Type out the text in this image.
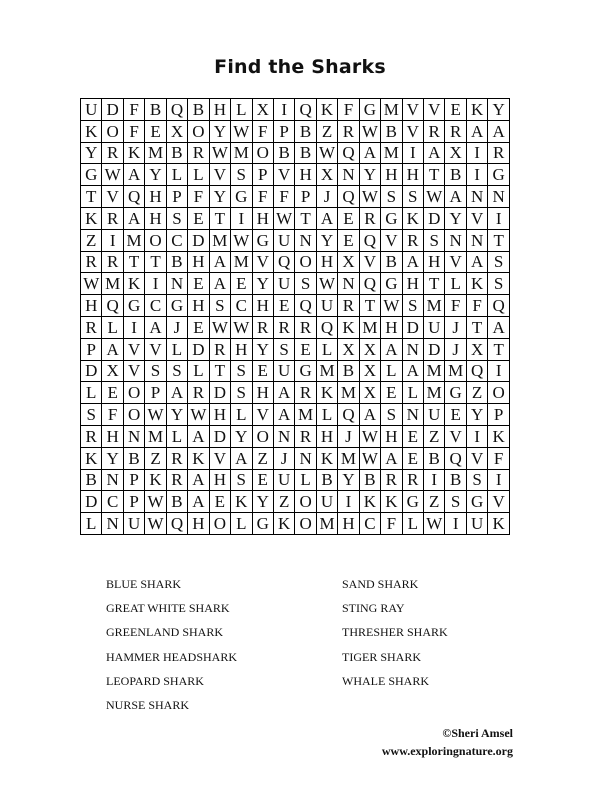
Find the Sharks
U	D	F	B	Q	B	H	L	X	I	Q	K	F	G	M	V	V	E	K	Y
K	O	F	E	X	O	Y	W	F	P	B	Z	R	W	B	V	R	R	A	A
Y	R	K	M	B	R	W	M	O	B	B	W	Q	A	M	I	A	X	I	R
G	W	A	Y	L	L	V	S	P	V	H	X	N	Y	H	H	T	B	I	G
T	V	Q	H	P	F	Y	G	F	F	P	J	Q	W	S	S	W	A	N	N
K	R	A	H	S	E	T	I	H	W	T	A	E	R	G	K	D	Y	V	I
Z	I	M	O	C	D	M	W	G	U	N	Y	E	Q	V	R	S	N	N	T
R	R	T	T	B	H	A	M	V	Q	O	H	X	V	B	A	H	V	A	S
W	M	K	I	N	E	A	E	Y	U	S	W	N	Q	G	H	T	L	K	S
H	Q	G	C	G	H	S	C	H	E	Q	U	R	T	W	S	M	F	F	Q
R	L	I	A	J	E	W	W	R	R	R	Q	K	M	H	D	U	J	T	A
P	A	V	V	L	D	R	H	Y	S	E	L	X	X	A	N	D	J	X	T
D	X	V	S	S	L	T	S	E	U	G	M	B	X	L	A	M	M	Q	I
L	E	O	P	A	R	D	S	H	A	R	K	M	X	E	L	M	G	Z	O
S	F	O	W	Y	W	H	L	V	A	M	L	Q	A	S	N	U	E	Y	P
R	H	N	M	L	A	D	Y	O	N	R	H	J	W	H	E	Z	V	I	K
K	Y	B	Z	R	K	V	A	Z	J	N	K	M	W	A	E	B	Q	V	F
B	N	P	K	R	A	H	S	E	U	L	B	Y	B	R	R	I	B	S	I
D	C	P	W	B	A	E	K	Y	Z	O	U	I	K	K	G	Z	S	G	V
L	N	U	W	Q	H	O	L	G	K	O	M	H	C	F	L	W	I	U	K
BLUE SHARK
GREAT WHITE SHARK
GREENLAND SHARK
HAMMER HEADSHARK
LEOPARD SHARK
NURSE SHARK
SAND SHARK
STING RAY
THRESHER SHARK
TIGER SHARK
WHALE SHARK
©Sheri Amsel
www.exploringnature.org
